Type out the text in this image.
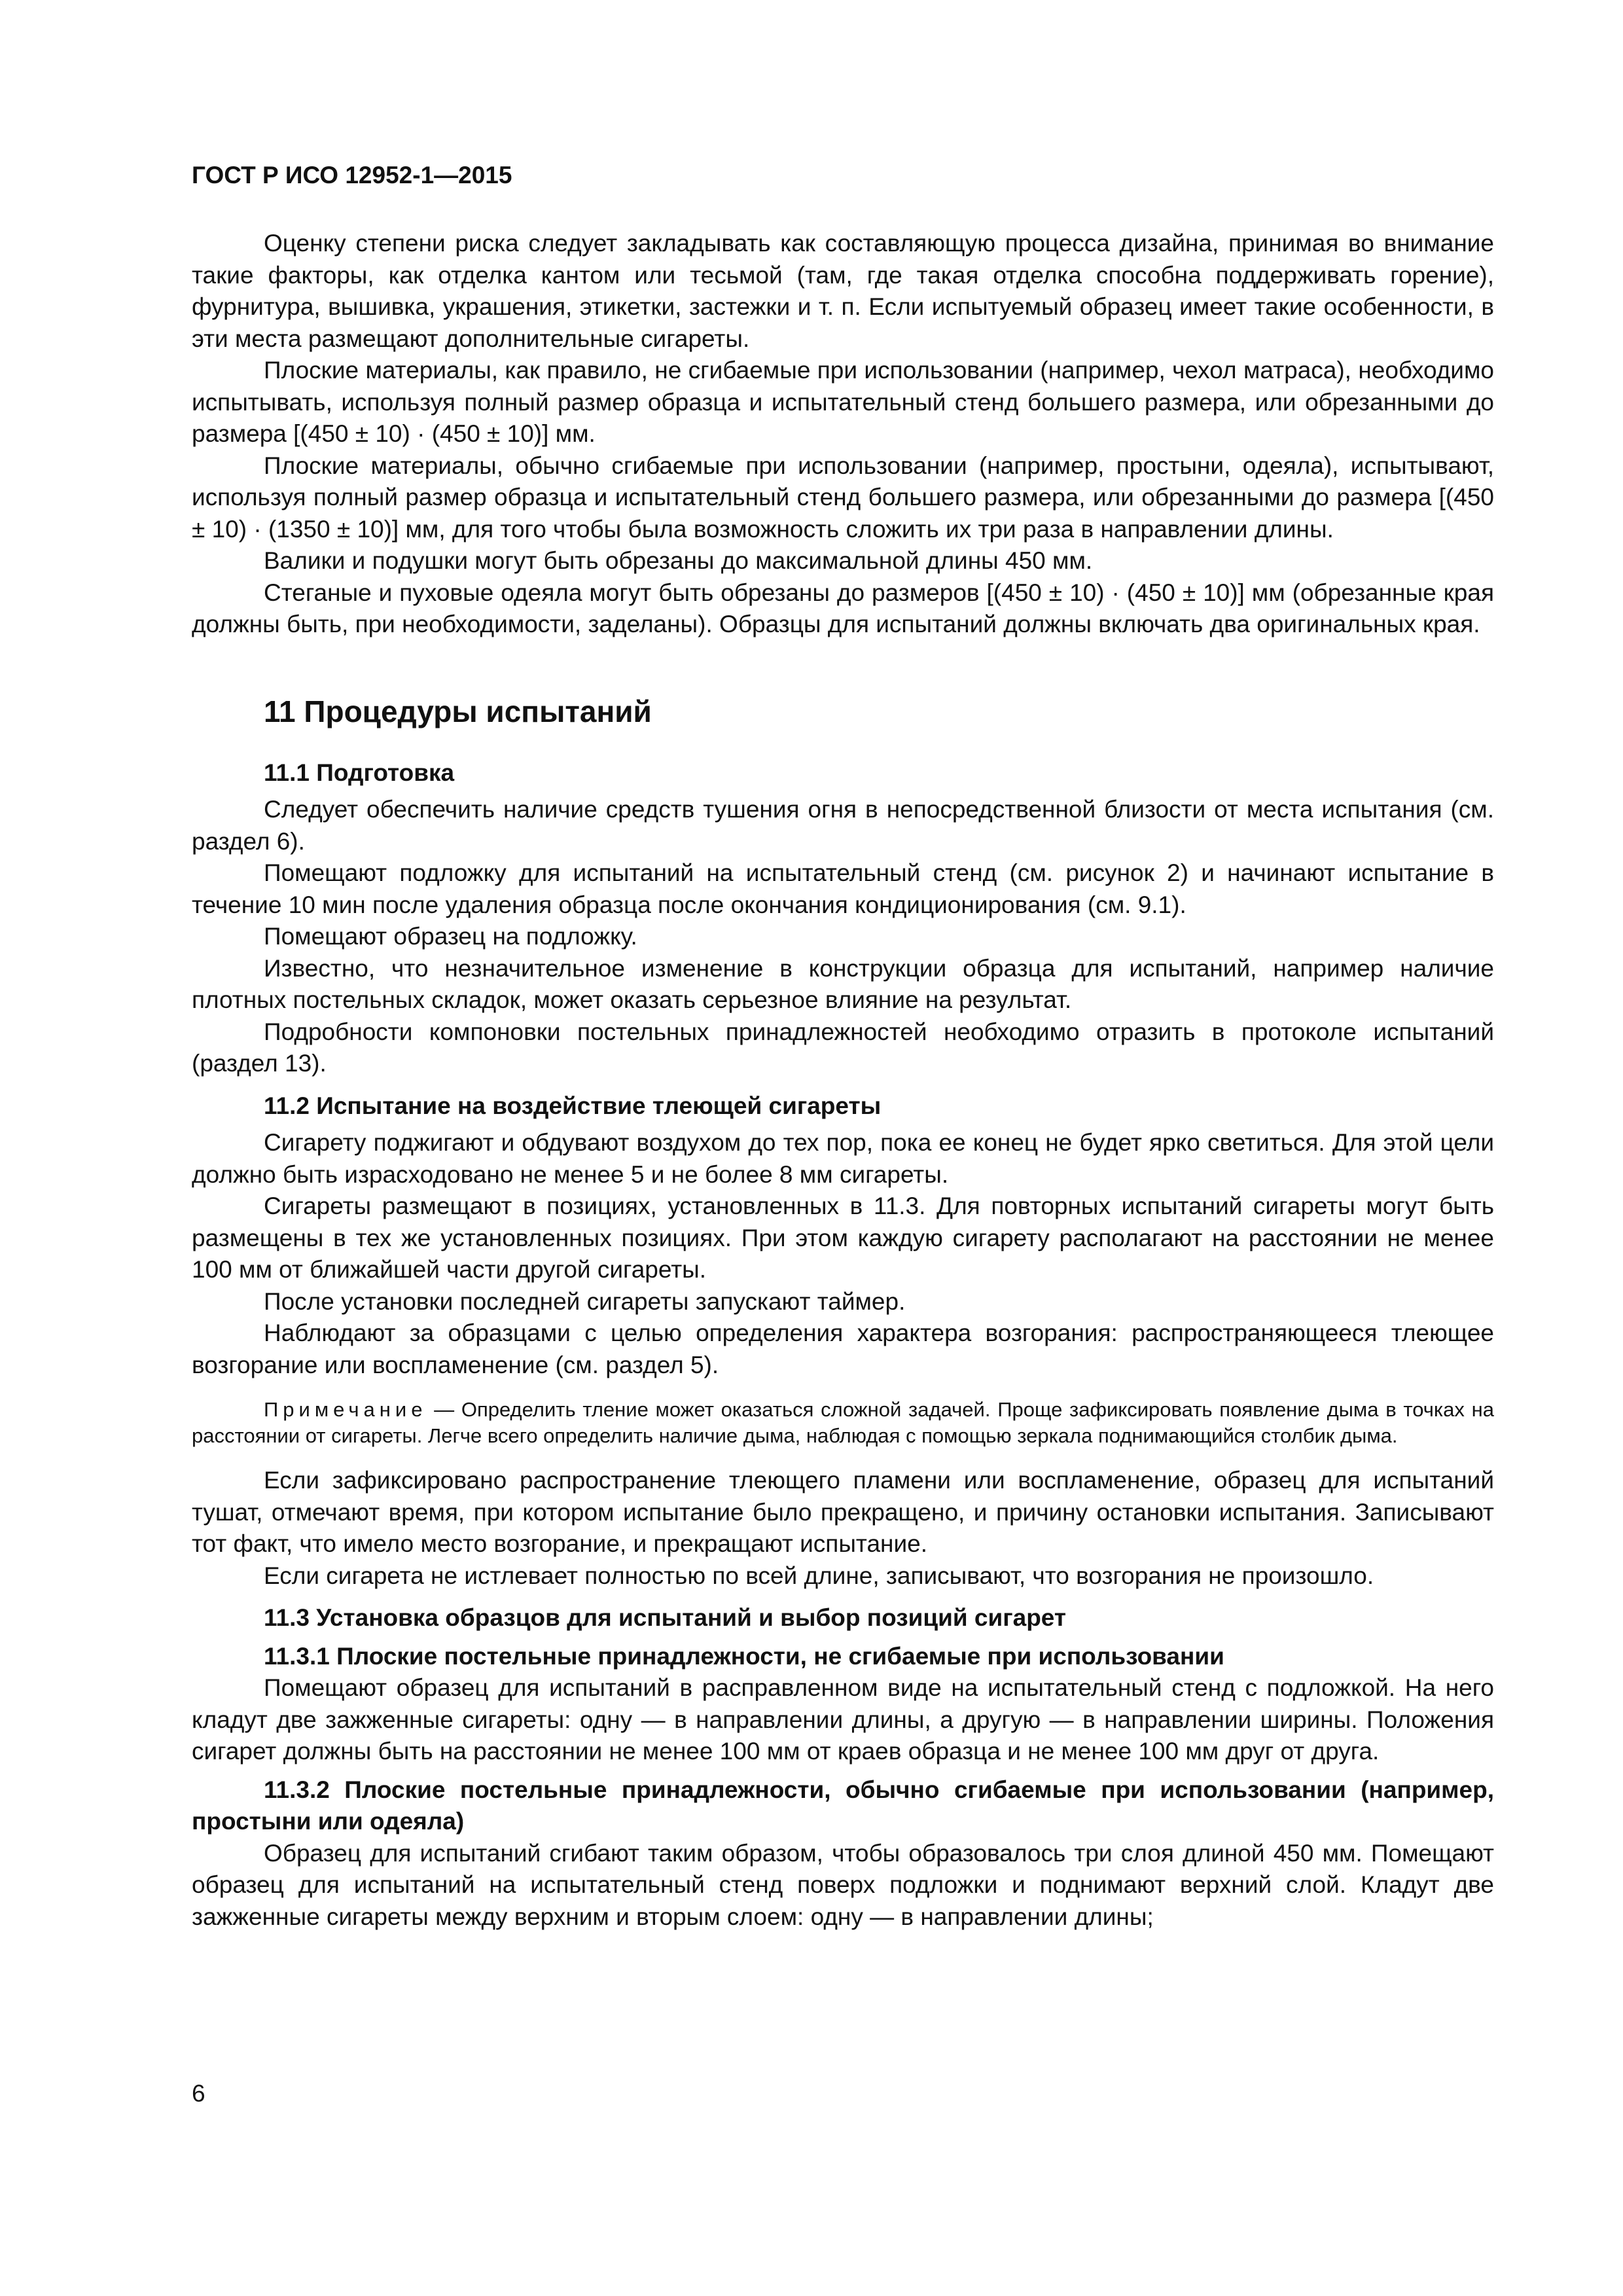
ГОСТ Р ИСО 12952-1—2015

Оценку степени риска следует закладывать как составляющую процесса дизайна, принимая во внимание такие факторы, как отделка кантом или тесьмой (там, где такая отделка способна поддерживать горение), фурнитура, вышивка, украшения, этикетки, застежки и т. п. Если испытуемый образец имеет такие особенности, в эти места размещают дополнительные сигареты.

Плоские материалы, как правило, не сгибаемые при использовании (например, чехол матраса), необходимо испытывать, используя полный размер образца и испытательный стенд большего размера, или обрезанными до размера [(450 ± 10) · (450 ± 10)] мм.

Плоские материалы, обычно сгибаемые при использовании (например, простыни, одеяла), испытывают, используя полный размер образца и испытательный стенд большего размера, или обрезанными до размера [(450 ± 10) · (1350 ± 10)] мм, для того чтобы была возможность сложить их три раза в направлении длины.

Валики и подушки могут быть обрезаны до максимальной длины 450 мм.

Стеганые и пуховые одеяла могут быть обрезаны до размеров [(450 ± 10) · (450 ± 10)] мм (обрезанные края должны быть, при необходимости, заделаны). Образцы для испытаний должны включать два оригинальных края.

11 Процедуры испытаний
11.1 Подготовка

Следует обеспечить наличие средств тушения огня в непосредственной близости от места испытания (см. раздел 6).

Помещают подложку для испытаний на испытательный стенд (см. рисунок 2) и начинают испытание в течение 10 мин после удаления образца после окончания кондиционирования (см. 9.1).

Помещают образец на подложку.

Известно, что незначительное изменение в конструкции образца для испытаний, например наличие плотных постельных складок, может оказать серьезное влияние на результат.

Подробности компоновки постельных принадлежностей необходимо отразить в протоколе испытаний (раздел 13).

11.2 Испытание на воздействие тлеющей сигареты

Сигарету поджигают и обдувают воздухом до тех пор, пока ее конец не будет ярко светиться. Для этой цели должно быть израсходовано не менее 5 и не более 8 мм сигареты.

Сигареты размещают в позициях, установленных в 11.3. Для повторных испытаний сигареты могут быть размещены в тех же установленных позициях. При этом каждую сигарету располагают на расстоянии не менее 100 мм от ближайшей части другой сигареты.

После установки последней сигареты запускают таймер.

Наблюдают за образцами с целью определения характера возгорания: распространяющееся тлеющее возгорание или воспламенение (см. раздел 5).

Примечание — Определить тление может оказаться сложной задачей. Проще зафиксировать появление дыма в точках на расстоянии от сигареты. Легче всего определить наличие дыма, наблюдая с помощью зеркала поднимающийся столбик дыма.

Если зафиксировано распространение тлеющего пламени или воспламенение, образец для испытаний тушат, отмечают время, при котором испытание было прекращено, и причину остановки испытания. Записывают тот факт, что имело место возгорание, и прекращают испытание.

Если сигарета не истлевает полностью по всей длине, записывают, что возгорания не произошло.

11.3 Установка образцов для испытаний и выбор позиций сигарет
11.3.1 Плоские постельные принадлежности, не сгибаемые при использовании

Помещают образец для испытаний в расправленном виде на испытательный стенд с подложкой. На него кладут две зажженные сигареты: одну — в направлении длины, а другую — в направлении ширины. Положения сигарет должны быть на расстоянии не менее 100 мм от краев образца и не менее 100 мм друг от друга.

11.3.2 Плоские постельные принадлежности, обычно сгибаемые при использовании (например, простыни или одеяла)

Образец для испытаний сгибают таким образом, чтобы образовалось три слоя длиной 450 мм. Помещают образец для испытаний на испытательный стенд поверх подложки и поднимают верхний слой. Кладут две зажженные сигареты между верхним и вторым слоем: одну — в направлении длины;

6
